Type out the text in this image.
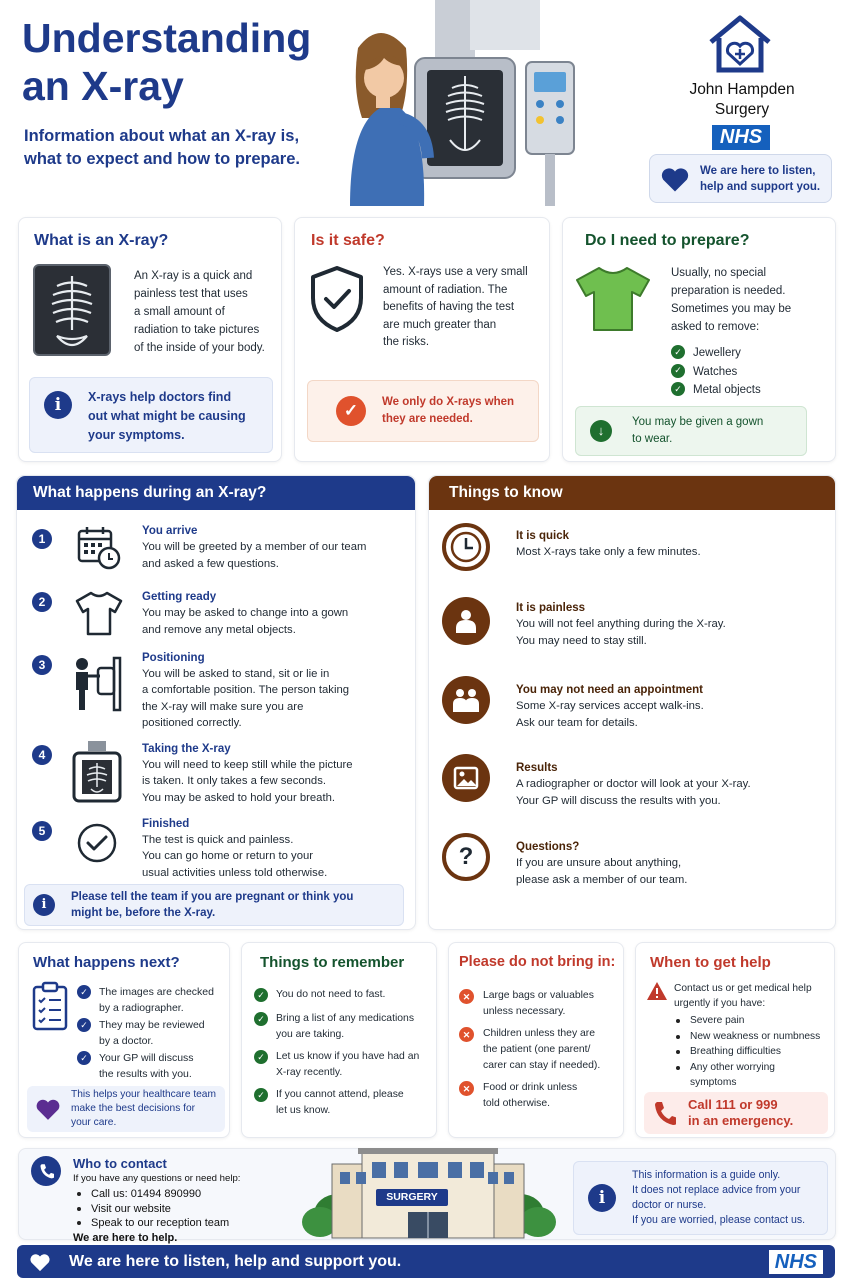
Understanding
an X-ray
Information about what an X-ray is,
what to expect and how to prepare.
John Hampden
Surgery
NHS
We are here to listen,
help and support you.
What is an X-ray?
An X-ray is a quick and
painless test that uses
a small amount of
radiation to take pictures
of the inside of your body.
i	X-rays help doctors find
out what might be causing
your symptoms.
Is it safe?
Yes. X-rays use a very small
amount of radiation. The
benefits of having the test
are much greater than
the risks.
✓	We only do X-rays when
they are needed.
Do I need to prepare?
Usually, no special
preparation is needed.
Sometimes you may be
asked to remove:
✓ Jewellery
✓ Watches
✓ Metal objects
↓
You may be given a gown
to wear.
What happens during an X-ray?
1
You arrive
You will be greeted by a member of our team
and asked a few questions.
2	Getting ready
You may be asked to change into a gown
and remove any metal objects.
3	Positioning
You will be asked to stand, sit or lie in
a comfortable position. The person taking
the X-ray will make sure you are
positioned correctly.
4	Taking the X-ray
You will need to keep still while the picture
is taken. It only takes a few seconds.
You may be asked to hold your breath.
5	Finished
The test is quick and painless.
You can go home or return to your
usual activities unless told otherwise.
i
Please tell the team if you are pregnant or think you
might be, before the X-ray.
Things to know
It is quick
Most X-rays take only a few minutes.
It is painless
You will not feel anything during the X-ray.
You may need to stay still.
You may not need an appointment
Some X-ray services accept walk-ins.
Ask our team for details.
Results
A radiographer or doctor will look at your X-ray.
Your GP will discuss the results with you.
?	Questions?
If you are unsure about anything,
please ask a member of our team.
What happens next?
✓	The images are checked
by a radiographer.
✓	They may be reviewed
by a doctor.
✓	Your GP will discuss
the results with you.
This helps your healthcare team
make the best decisions for
your care.
Things to remember
✓	You do not need to fast.
✓	Bring a list of any medications
you are taking.
✓	Let us know if you have had an
X-ray recently.
✓	If you cannot attend, please
let us know.
Please do not bring in:
✕	Large bags or valuables
unless necessary.
✕	Children unless they are
the patient (one parent/
carer can stay if needed).
✕	Food or drink unless
told otherwise.
When to get help
Contact us or get medical help
urgently if you have:
Severe pain
New weakness or numbness
Breathing difficulties
Any other worrying
symptoms
Call 111 or 999
in an emergency.
Who to contact
If you have any questions or need help:
Call us: 01494 890990
Visit our website
Speak to our reception team
We are here to help.
SURGERY	i
This information is a guide only.
It does not replace advice from your
doctor or nurse.
If you are worried, please contact us.
We are here to listen, help and support you.	NHS
